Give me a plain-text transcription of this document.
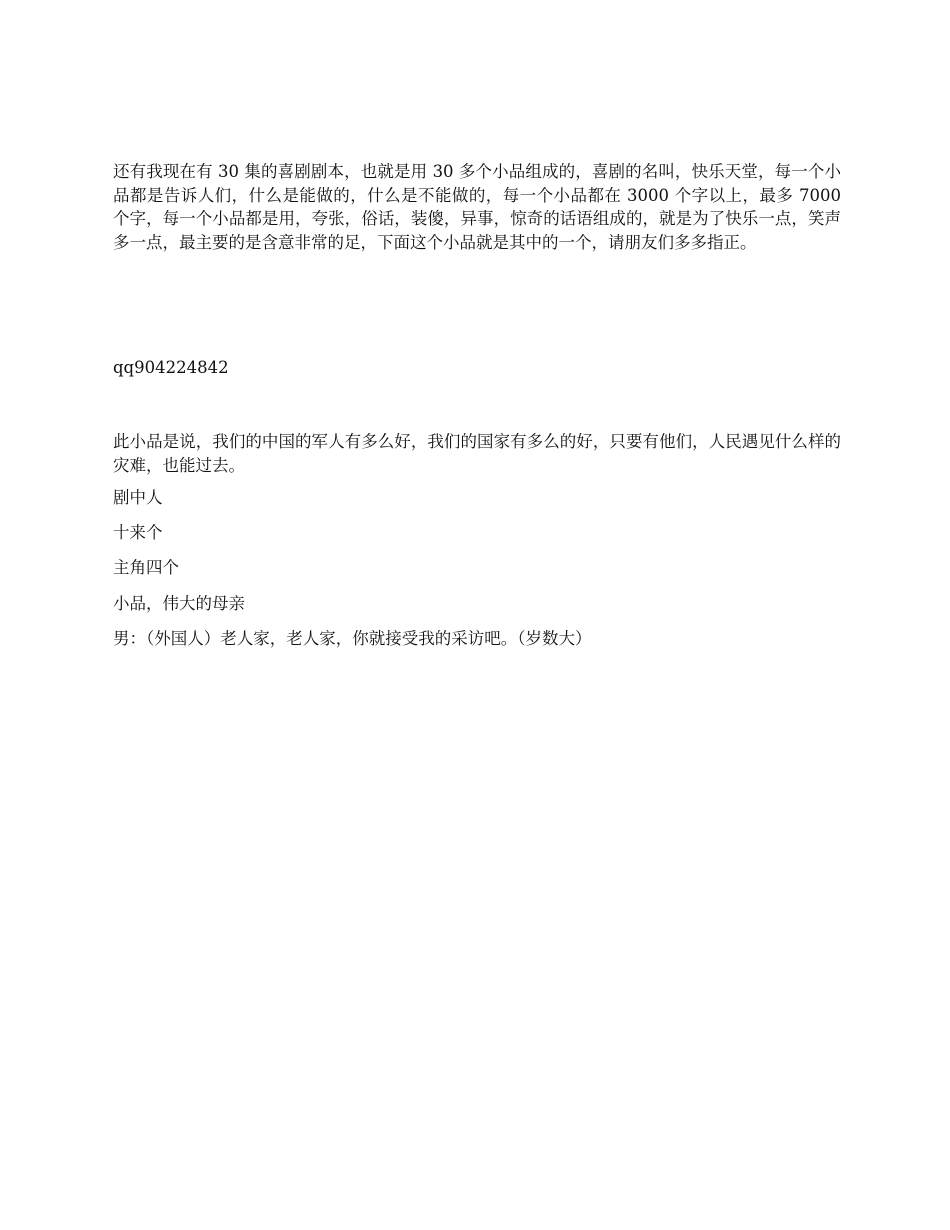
还有我现在有 30 集的喜剧剧本，也就是用 30 多个小品组成的，喜剧的名叫，快乐天堂，每一个小品都是告诉人们，什么是能做的，什么是不能做的，每一个小品都在 3000 个字以上，最多 7000 个字，每一个小品都是用，夸张，俗话，装傻，异事，惊奇的话语组成的，就是为了快乐一点，笑声多一点，最主要的是含意非常的足，下面这个小品就是其中的一个，请朋友们多多指正。

qq904224842

此小品是说，我们的中国的军人有多么好，我们的国家有多么的好，只要有他们，人民遇见什么样的灾难，也能过去。

剧中人

十来个

主角四个

小品，伟大的母亲

男：（外国人）老人家，老人家，你就接受我的采访吧。（岁数大）
